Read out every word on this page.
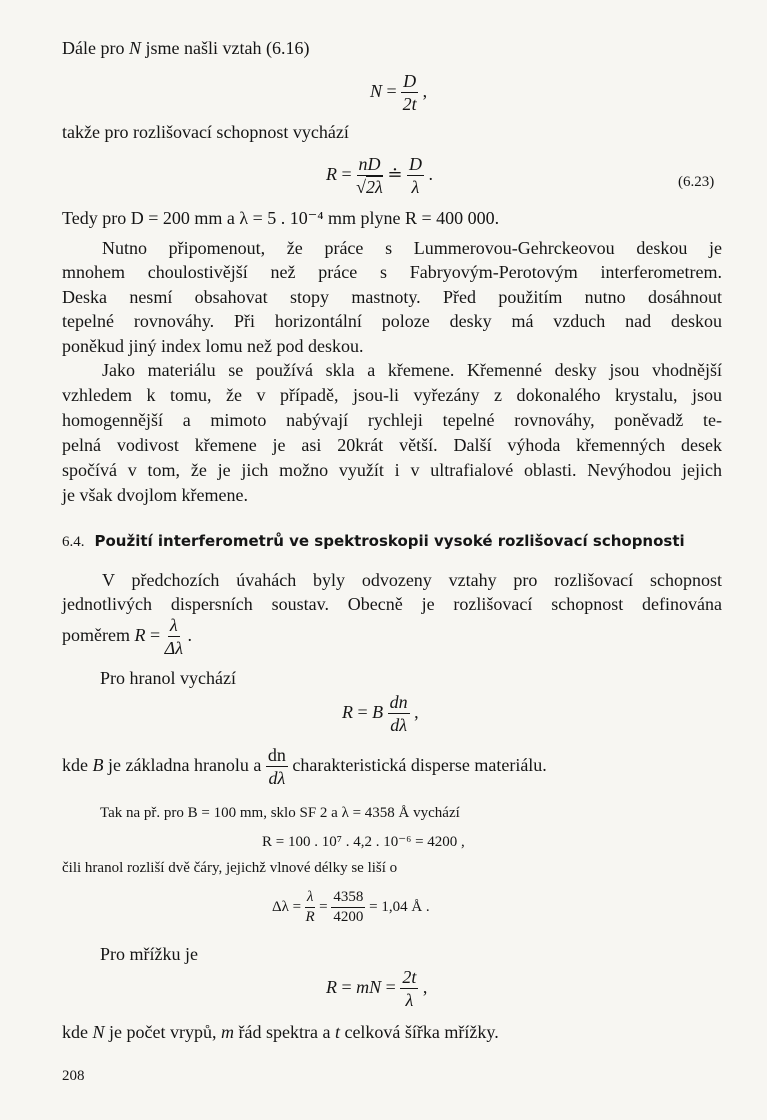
Dále pro N jsme našli vztah (6.16)
$N = \frac{D}{2t}$ ,
takže pro rozlišovací schopnost vychází
$R = \frac{nD}{√2\lambda}$ ≐ $\frac{D}{\lambda}$ .	(6.23)
Tedy pro D = 200 mm a λ = 5 . 10⁻⁴ mm plyne R = 400 000.
Nutno připomenout, že práce s Lummerovou-Gehrckeovou deskou je
mnohem choulostivější než práce s Fabryovým-Perotovým interferometrem.
Deska nesmí obsahovat stopy mastnoty. Před použitím nutno dosáhnout
tepelné rovnováhy. Při horizontální poloze desky má vzduch nad deskou
poněkud jiný index lomu než pod deskou.
Jako materiálu se používá skla a křemene. Křemenné desky jsou vhodnější
vzhledem k tomu, že v případě, jsou-li vyřezány z dokonalého krystalu, jsou
homogennější a mimoto nabývají rychleji tepelné rovnováhy, poněvadž te-
pelná vodivost křemene je asi 20krát větší. Další výhoda křemenných desek
spočívá v tom, že je jich možno využít i v ultrafialové oblasti. Nevýhodou jejich
je však dvojlom křemene.
6.4. Použití interferometrů ve spektroskopii vysoké rozlišovací schopnosti
V předchozích úvahách byly odvozeny vztahy pro rozlišovací schopnost
jednotlivých dispersních soustav. Obecně je rozlišovací schopnost definována
poměrem $R = \frac{\lambda}{\Delta\lambda}$ .
Pro hranol vychází
R = B $\frac{dn}{d\lambda}$ ,
kde B je základna hranolu a $\frac{dn}{d\lambda}$ charakteristická disperse materiálu.
Tak na př. pro B = 100 mm, sklo SF 2 a λ = 4358 Å vychází
R = 100 . 10⁷ . 4,2 . 10⁻⁶ = 4200 ,
čili hranol rozliší dvě čáry, jejichž vlnové délky se liší o
$\Delta\lambda = \frac{\lambda}{R} = \frac{4358}{4200} = 1,04$ Å .
Pro mřížku je
R = mN = $\frac{2t}{\lambda}$ ,
kde N je počet vrypů, m řád spektra a t celková šířka mřížky.
208
